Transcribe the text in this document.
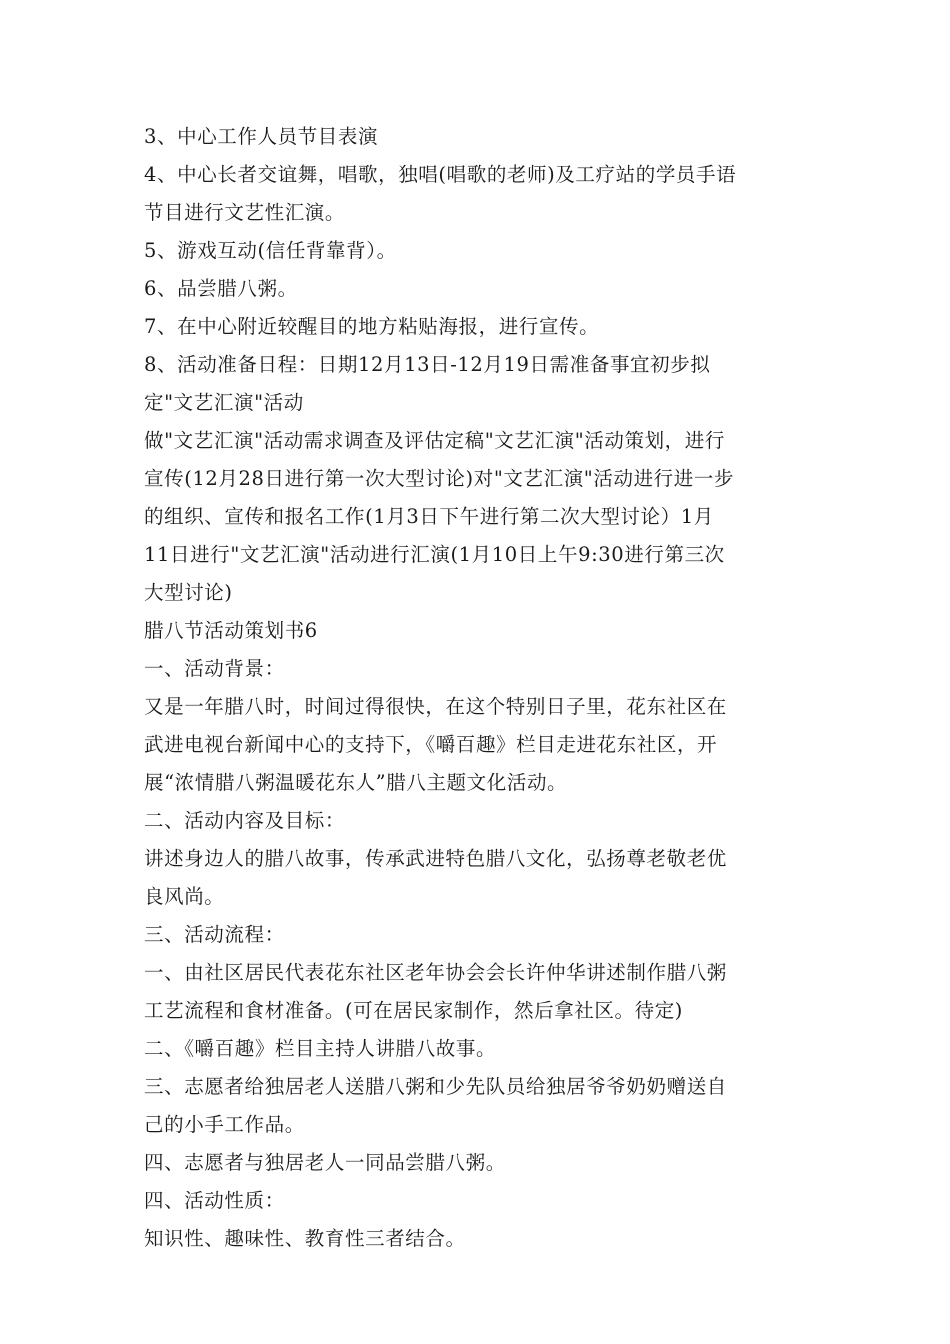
3、中心工作人员节目表演
4、中心长者交谊舞，唱歌，独唱(唱歌的老师)及工疗站的学员手语
节目进行文艺性汇演。
5、游戏互动(信任背靠背）。
6、品尝腊八粥。
7、在中心附近较醒目的地方粘贴海报，进行宣传。
8、活动准备日程：日期12月13日-12月19日需准备事宜初步拟
定"文艺汇演"活动
做"文艺汇演"活动需求调查及评估定稿"文艺汇演"活动策划，进行
宣传(12月28日进行第一次大型讨论)对"文艺汇演"活动进行进一步
的组织、宣传和报名工作(1月3日下午进行第二次大型讨论）1月
11日进行"文艺汇演"活动进行汇演(1月10日上午9:30进行第三次
大型讨论)
腊八节活动策划书6
一、活动背景：
又是一年腊八时，时间过得很快，在这个特别日子里，花东社区在
武进电视台新闻中心的支持下，《嚼百趣》栏目走进花东社区，开
展“浓情腊八粥温暖花东人”腊八主题文化活动。
二、活动内容及目标：
讲述身边人的腊八故事，传承武进特色腊八文化，弘扬尊老敬老优
良风尚。
三、活动流程：
一、由社区居民代表花东社区老年协会会长许仲华讲述制作腊八粥
工艺流程和食材准备。(可在居民家制作，然后拿社区。待定)
二、《嚼百趣》栏目主持人讲腊八故事。
三、志愿者给独居老人送腊八粥和少先队员给独居爷爷奶奶赠送自
己的小手工作品。
四、志愿者与独居老人一同品尝腊八粥。
四、活动性质：
知识性、趣味性、教育性三者结合。
